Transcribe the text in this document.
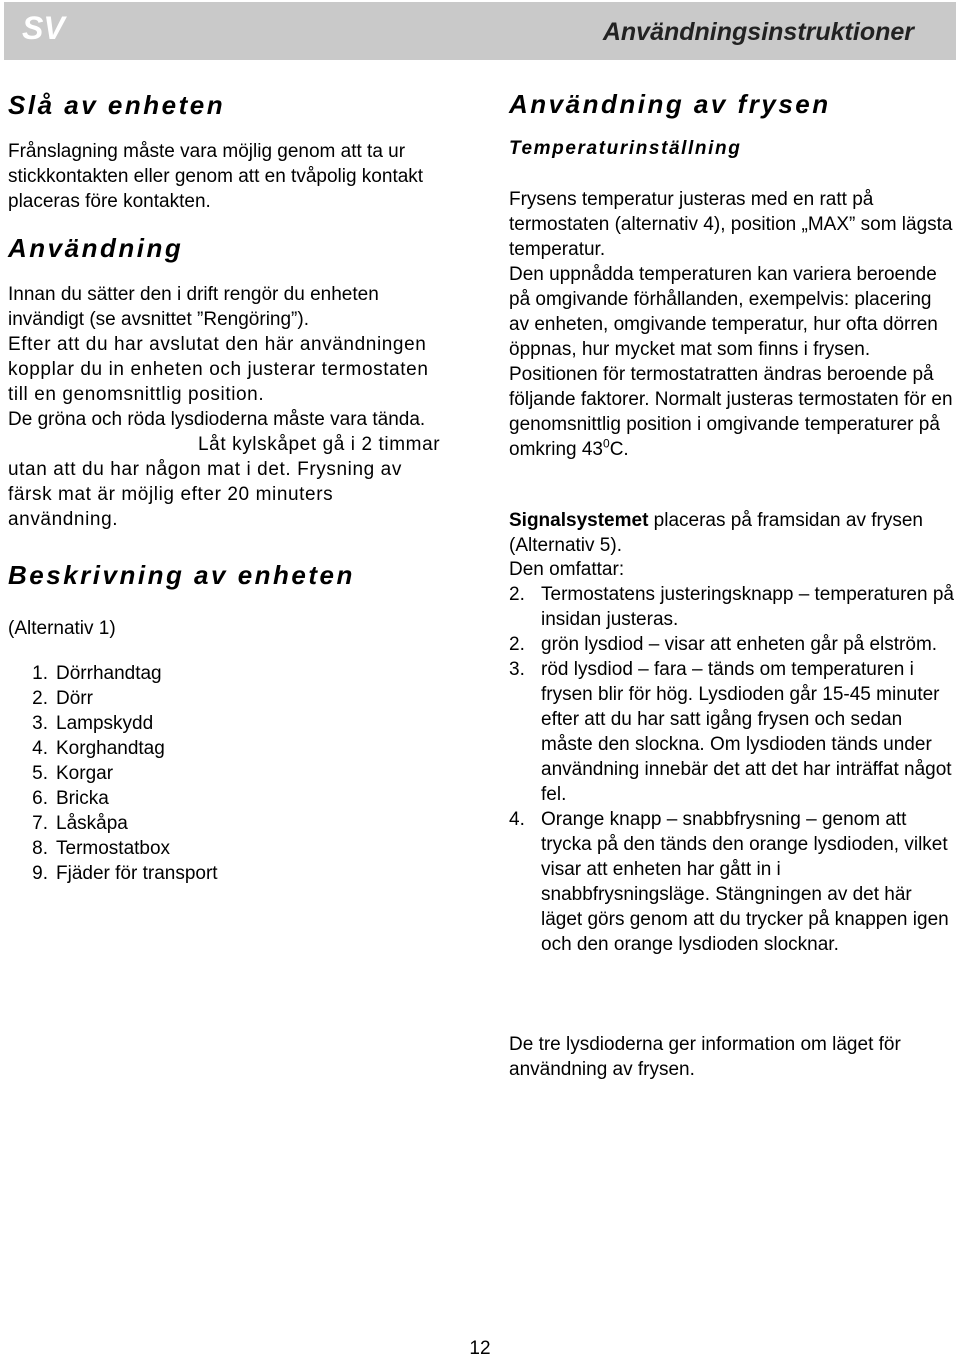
SV	Användningsinstruktioner
Slå av enheten

Frånslagning måste vara möjlig genom att ta ur stickkontakten eller genom att en tvåpolig kontakt placeras före kontakten.

Användning

Innan du sätter den i drift rengör du enheten invändigt (se avsnittet ”Rengöring”).

Efter att du har avslutat den här användningen kopplar du in enheten och justerar termostaten till en genomsnittlig position.

De gröna och röda lysdioderna måste vara tända.

Låt kylskåpet gå i 2 timmar utan att du har någon mat i det. Frysning av färsk mat är möjlig efter 20 minuters användning.

Beskrivning av enheten

(Alternativ 1)

1. Dörrhandtag
2. Dörr
3. Lampskydd
4. Korghandtag
5. Korgar
6. Bricka
7. Låskåpa
8. Termostatbox
9. Fjäder för transport
Användning av frysen
Temperaturinställning

Frysens temperatur justeras med en ratt på termostaten (alternativ 4), position „MAX” som lägsta temperatur.

Den uppnådda temperaturen kan variera beroende på omgivande förhållanden, exempelvis: placering av enheten, omgivande temperatur, hur ofta dörren öppnas, hur mycket mat som finns i frysen. Positionen för termostatratten ändras beroende på följande faktorer. Normalt justeras termostaten för en genomsnittlig position i omgivande temperaturer på omkring $43^0C$.

Signalsystemet placeras på framsidan av frysen (Alternativ 5).

Den omfattar:

2. Termostatens justeringsknapp – temperaturen på insidan justeras.
2. grön lysdiod – visar att enheten går på elström.
3. röd lysdiod – fara – tänds om temperaturen i frysen blir för hög. Lysdioden går 15-45 minuter efter att du har satt igång frysen och sedan måste den slockna. Om lysdioden tänds under användning innebär det att det har inträffat något fel.
4. Orange knapp – snabbfrysning – genom att trycka på den tänds den orange lysdioden, vilket visar att enheten har gått in i snabbfrysningsläge. Stängningen av det här läget görs genom att du trycker på knappen igen och den orange lysdioden slocknar.

De tre lysdioderna ger information om läget för användning av frysen.

12
